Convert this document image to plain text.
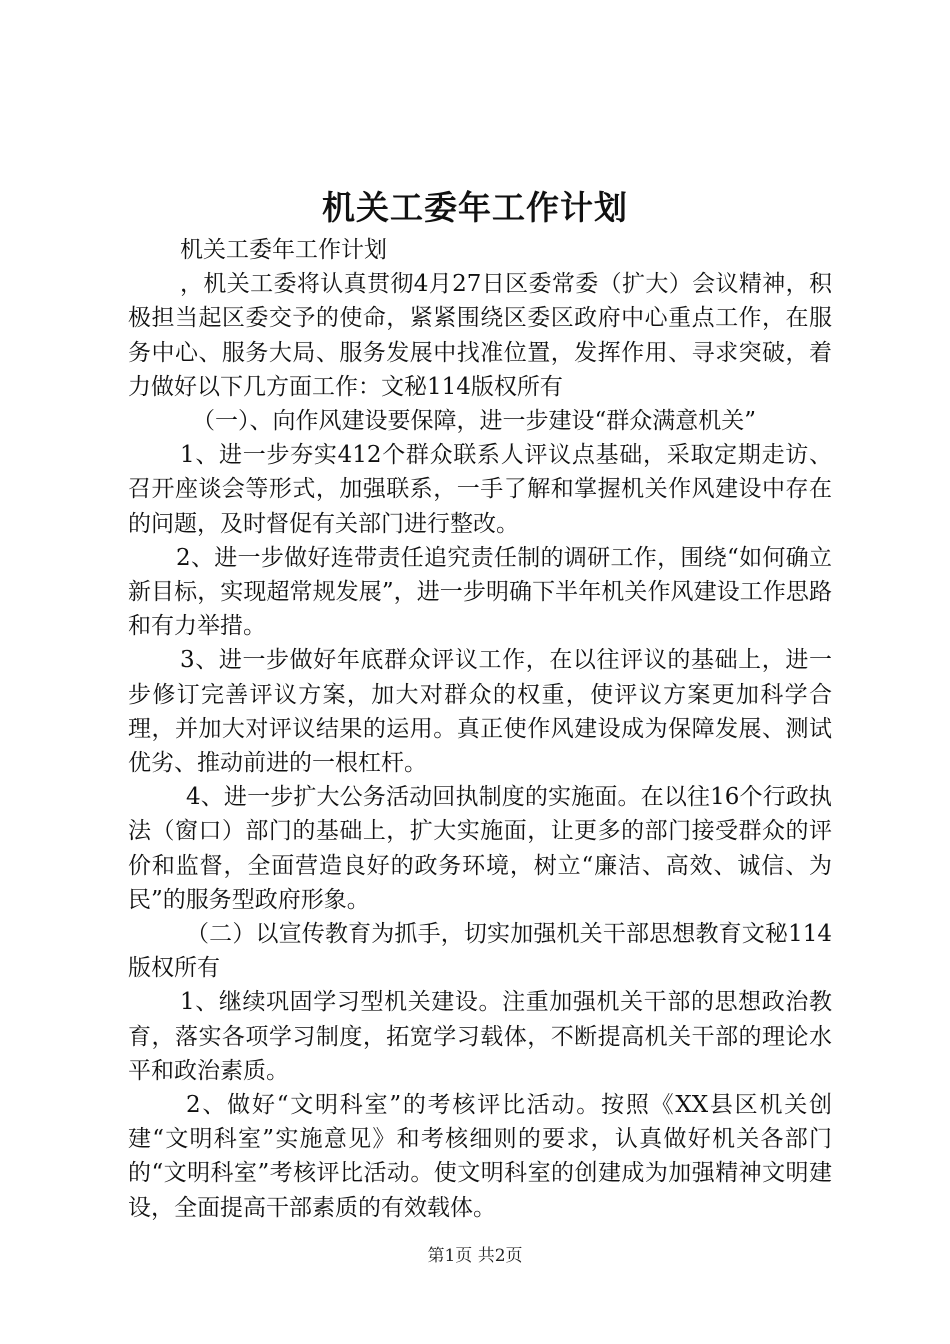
机关工委年工作计划

机关工委年工作计划

，机关工委将认真贯彻4月27日区委常委（扩大）会议精神，积极担当起区委交予的使命，紧紧围绕区委区政府中心重点工作，在服务中心、服务大局、服务发展中找准位置，发挥作用、寻求突破，着力做好以下几方面工作：文秘114版权所有

（一）、向作风建设要保障，进一步建设“群众满意机关”

1、进一步夯实412个群众联系人评议点基础，采取定期走访、召开座谈会等形式，加强联系，一手了解和掌握机关作风建设中存在的问题，及时督促有关部门进行整改。

2、进一步做好连带责任追究责任制的调研工作，围绕“如何确立新目标，实现超常规发展”，进一步明确下半年机关作风建设工作思路和有力举措。

3、进一步做好年底群众评议工作，在以往评议的基础上，进一步修订完善评议方案，加大对群众的权重，使评议方案更加科学合理，并加大对评议结果的运用。真正使作风建设成为保障发展、测试优劣、推动前进的一根杠杆。

4、进一步扩大公务活动回执制度的实施面。在以往16个行政执法（窗口）部门的基础上，扩大实施面，让更多的部门接受群众的评价和监督，全面营造良好的政务环境，树立“廉洁、高效、诚信、为民”的服务型政府形象。

（二）以宣传教育为抓手，切实加强机关干部思想教育文秘114版权所有

1、继续巩固学习型机关建设。注重加强机关干部的思想政治教育，落实各项学习制度，拓宽学习载体，不断提高机关干部的理论水平和政治素质。

2、做好“文明科室”的考核评比活动。按照《XX县区机关创建“文明科室”实施意见》和考核细则的要求，认真做好机关各部门的“文明科室”考核评比活动。使文明科室的创建成为加强精神文明建设，全面提高干部素质的有效载体。

第1页 共2页
